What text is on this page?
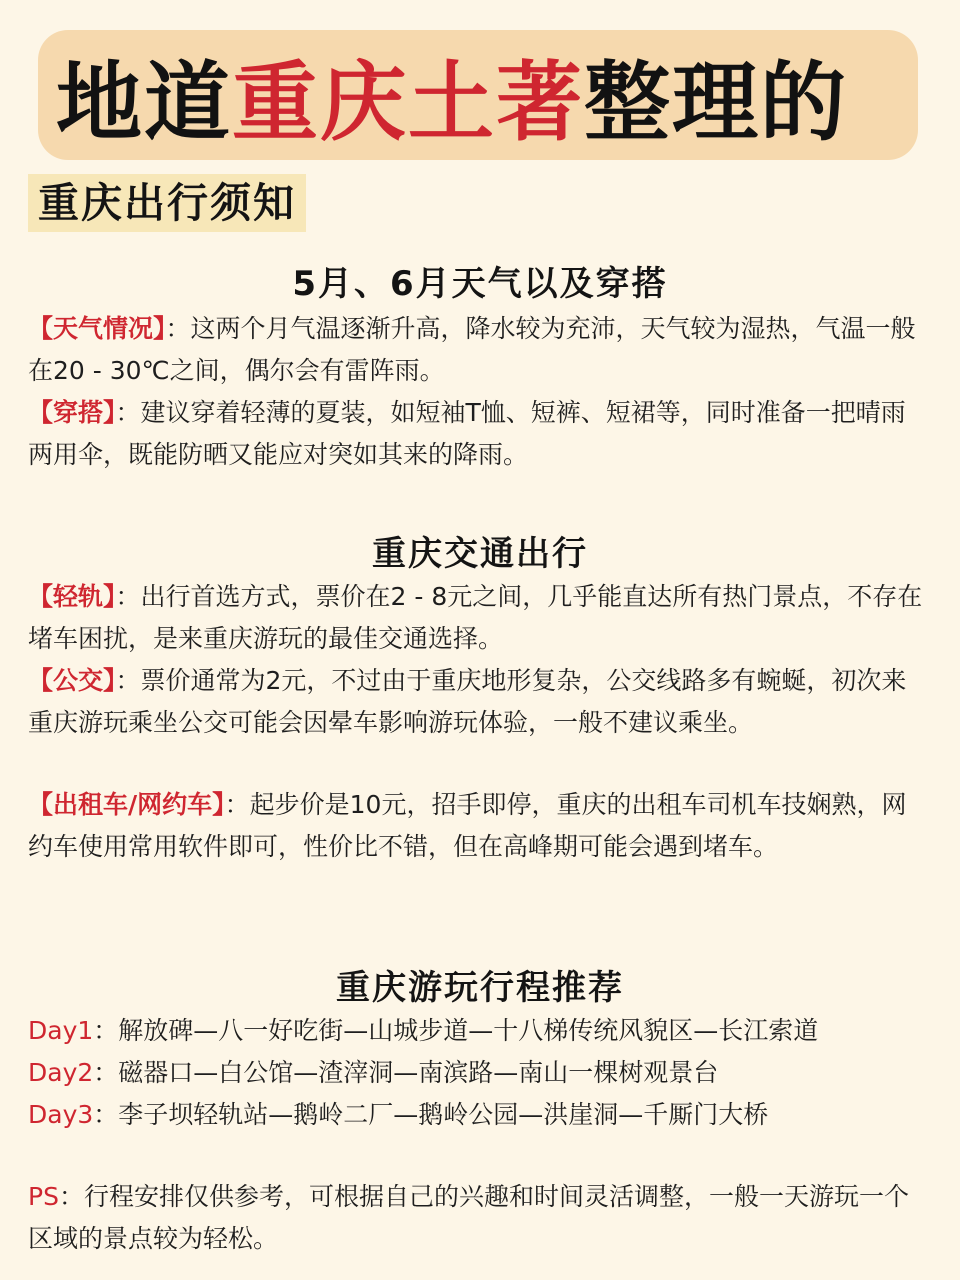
地道 重庆土著 整理的
重庆出行须知
5月、6月天气以及穿搭

【天气情况】：这两个月气温逐渐升高，降水较为充沛，天气较为湿热，气温一般在20 - 30℃之间，偶尔会有雷阵雨。

【穿搭】：建议穿着轻薄的夏装，如短袖T恤、短裤、短裙等，同时准备一把晴雨两用伞，既能防晒又能应对突如其来的降雨。

重庆交通出行

【轻轨】：出行首选方式，票价在2 - 8元之间，几乎能直达所有热门景点，不存在堵车困扰，是来重庆游玩的最佳交通选择。

【公交】：票价通常为2元，不过由于重庆地形复杂，公交线路多有蜿蜒，初次来重庆游玩乘坐公交可能会因晕车影响游玩体验，一般不建议乘坐。

【出租车/网约车】：起步价是10元，招手即停，重庆的出租车司机车技娴熟，网约车使用常用软件即可，性价比不错，但在高峰期可能会遇到堵车。

重庆游玩行程推荐

Day1：解放碑—八一好吃街—山城步道—十八梯传统风貌区—长江索道

Day2：磁器口—白公馆—渣滓洞—南滨路—南山一棵树观景台

Day3：李子坝轻轨站—鹅岭二厂—鹅岭公园—洪崖洞—千厮门大桥

PS：行程安排仅供参考，可根据自己的兴趣和时间灵活调整，一般一天游玩一个区域的景点较为轻松。
